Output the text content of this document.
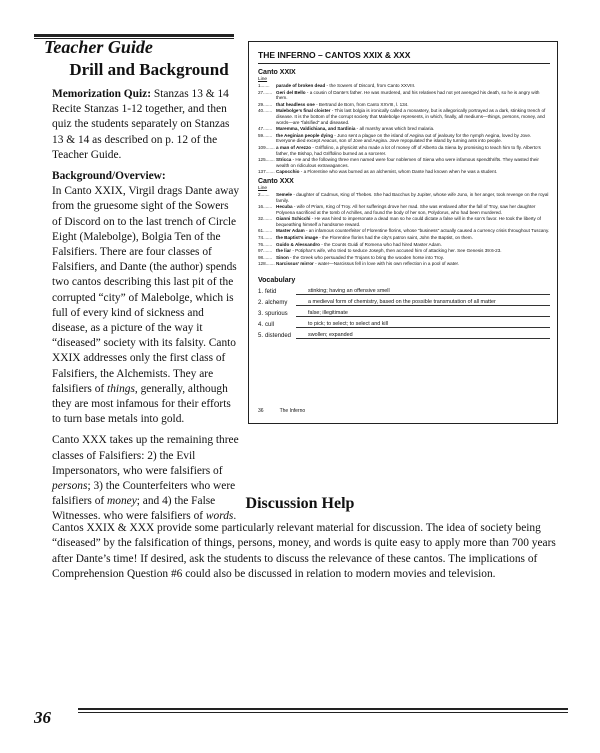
Teacher Guide
Drill and Background

Memorization Quiz: Stanzas 13 & 14 Recite Stanzas 1-12 together, and then quiz the students separately on Stanzas 13 & 14 as described on p. 12 of the Teacher Guide.

Background/Overview:

In Canto XXIX, Virgil drags Dante away from the gruesome sight of the Sowers of Discord on to the last trench of Circle Eight (Malebolge), Bolgia Ten of the Falsifiers. There are four classes of Falsifiers, and Dante (the author) spends two cantos describing this last pit of the corrupted “city” of Malebolge, which is full of every kind of sickness and disease, as a picture of the way it “diseased” society with its falsity. Canto XXIX addresses only the first class of Falsifiers, the Alchemists. They are falsifiers of things, generally, although they are most infamous for their efforts to turn base metals into gold.

Canto XXX takes up the remaining three classes of Falsifiers: 2) the Evil Impersonators, who were falsifiers of persons; 3) the Counterfeiters who were falsifiers of money; and 4) the False Witnesses. who were falsifiers of words.

THE INFERNO – CANTOS XXIX & XXX
Canto XXIX
Line
1.......	parade of broken dead - the Sowers of Discord, from Canto XXVIII.
27....... Geri del Bello - a cousin of Dante’s father. He was murdered, and his relatives had not yet avenged his death, so he is angry with them.
29....... that headless one - Bertrand de Born, from Canto XXVIII, l. 134.
40....... Malebolge’s final cloister - This last bolgia is ironically called a monastery, but is allegorically portrayed as a dark, stinking trench of disease. It is the bottom of the corrupt society that Malebolge represents, in which, finally, all mediums—things, persons, money, and words—are “falsified” and diseased.
47....... Maremma, Valdichiana, and Sardinia - all marshy areas which bred malaria.
59....... the Aeginian people dying - Juno sent a plague on the island of Aegina out of jealousy for the nymph Aegina, loved by Jove. Everyone died except Aeacus, son of Jove and Aegina. Jove repopulated the island by turning ants into people.
109....... a man of Arezzo - Griffolino, a physicist who made a lot of money off of Alberto da Siena by promising to teach him to fly. Alberto’s father, the Bishop, had Griffolino burned as a sorcerer.
125....... Stricca - He and the following three men named were four noblemen of Siena who were infamous spendthrifts. They wasted their wealth on ridiculous extravagances.
137....... Capocchio - a Florentine who was burned as an alchemist, whom Dante had known when he was a student.
Canto XXX
Line
2.......	Semele - daughter of Cadmus, King of Thebes. She had Bacchus by Jupiter, whose wife Juno, in her anger, took revenge on the royal family.
16....... Hecuba - wife of Priam, King of Troy. All her sufferings drove her mad. She was enslaved after the fall of Troy, saw her daughter Polyxena sacrificed at the tomb of Achilles, and found the body of her son, Polydorus, who had been murdered.
32....... Gianni Schicchi - He was hired to impersonate a dead man so he could dictate a false will in the son’s favor. He took the liberty of bequeathing himself a handsome reward.
61....... Master Adam - an infamous counterfeiter of Florentine florins, whose “business” actually caused a currency crisis throughout Tuscany.
74....... the Baptist’s image - the Florentine florins had the city’s patron saint, John the Baptist, on them.
76....... Guido & Alessandro - the Counts Guidi of Romena who had hired Master Adam.
97....... the liar - Potiphar’s wife, who tried to seduce Joseph, then accused him of attacking her. See Genesis 39:6-23.
98....... Sinon - the Greek who persuaded the Trojans to bring the wooden horse into Troy.
128....... Narcissus’ mirror - water—Narcissus fell in love with his own reflection in a pool of water.
Vocabulary
1. fetid	stinking; having an offensive smell
2. alchemy	a medieval form of chemistry, based on the possible transmutation of all matter
3. spurious	false; illegitimate
4. cull	to pick; to select; to select and kill
5. distended	swollen; expanded
36	The Inferno
Discussion Help
Cantos XXIX & XXX provide some particularly relevant material for discussion. The idea of society being “diseased” by the falsification of things, persons, money, and words is quite easy to apply more than 700 years after Dante’s time! If desired, ask the students to discuss the relevance of these cantos. The implications of Comprehension Question #6 could also be discussed in relation to modern movies and television.
36
